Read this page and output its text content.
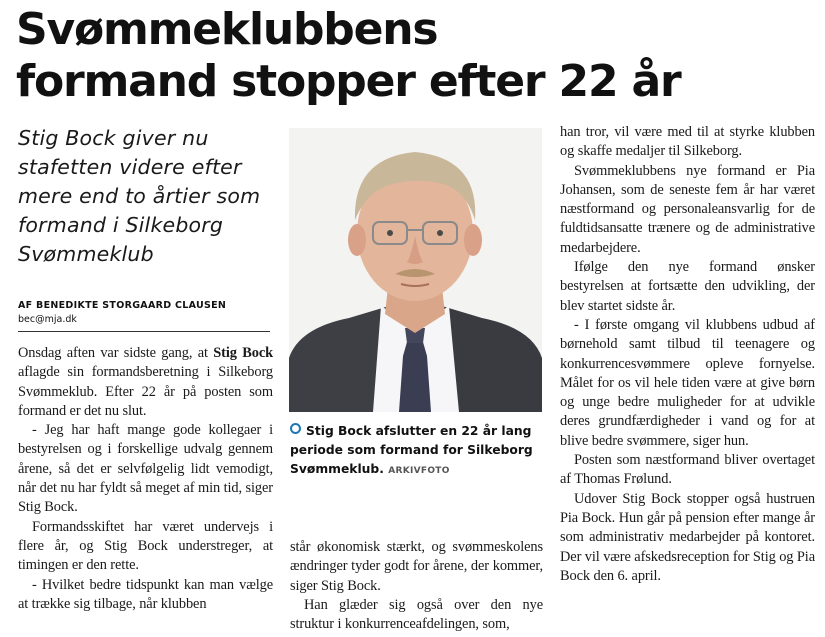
Svømmeklubbens
formand stopper efter 22 år
Stig Bock giver nu
stafetten videre efter
mere end to årtier som
formand i Silkeborg
Svømmeklub
AF BENEDIKTE STORGAARD CLAUSEN
bec@mja.dk

Onsdag aften var sidste gang, at Stig Bock aflagde sin formandsberetning i Silkeborg Svømmeklub. Efter 22 år på posten som formand er det nu slut.

- Jeg har haft mange gode kollegaer i bestyrelsen og i forskellige udvalg gennem årene, så det er selvfølgelig lidt vemodigt, når det nu har fyldt så meget af min tid, siger Stig Bock.

Formandsskiftet har været undervejs i flere år, og Stig Bock understreger, at timingen er den rette.

- Hvilket bedre tidspunkt kan man vælge at trække sig tilbage, når klubben

Stig Bock afslutter en 22 år lang periode som formand for Silkeborg Svømmeklub. ARKIVFOTO

står økonomisk stærkt, og svømmeskolens ændringer tyder godt for årene, der kommer, siger Stig Bock.

Han glæder sig også over den nye struktur i konkurrenceafdelingen, som,

han tror, vil være med til at styrke klubben og skaffe medaljer til Silkeborg.

Svømmeklubbens nye formand er Pia Johansen, som de seneste fem år har været næstformand og personaleansvarlig for de fuldtidsansatte trænere og de administrative medarbejdere.

Ifølge den nye formand ønsker bestyrelsen at fortsætte den udvikling, der blev startet sidste år.

- I første omgang vil klubbens udbud af børnehold samt tilbud til teenagere og konkurrencesvømmere opleve fornyelse. Målet for os vil hele tiden være at give børn og unge bedre muligheder for at udvikle deres grundfærdigheder i vand og for at blive bedre svømmere, siger hun.

Posten som næstformand bliver overtaget af Thomas Frølund.

Udover Stig Bock stopper også hustruen Pia Bock. Hun går på pension efter mange år som administrativ medarbejder på kontoret. Der vil være afskedsreception for Stig og Pia Bock den 6. april.
